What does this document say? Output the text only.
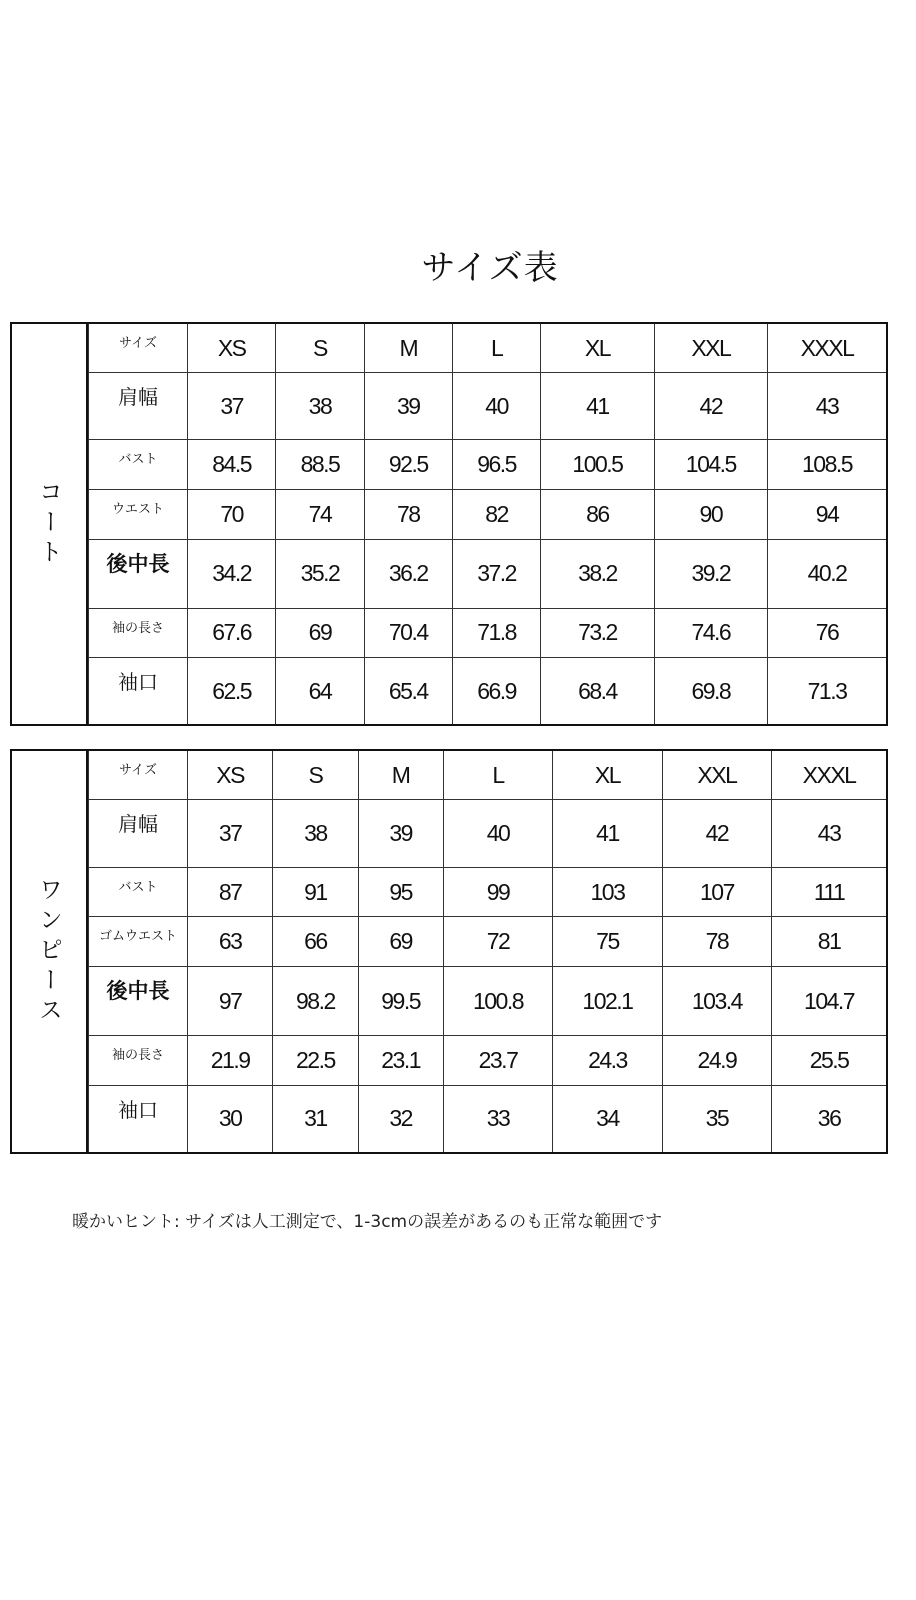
サイズ表
コート
サイズ	XS	S	M	L	XL	XXL	XXXL
肩幅	37	38	39	40	41	42	43
バスト	84.5	88.5	92.5	96.5	100.5	104.5	108.5
ウエスト	70	74	78	82	86	90	94
後中長	34.2	35.2	36.2	37.2	38.2	39.2	40.2
袖の長さ	67.6	69	70.4	71.8	73.2	74.6	76
袖口	62.5	64	65.4	66.9	68.4	69.8	71.3
ワンピース
サイズ	XS	S	M	L	XL	XXL	XXXL
肩幅	37	38	39	40	41	42	43
バスト	87	91	95	99	103	107	111
ゴムウエスト	63	66	69	72	75	78	81
後中長	97	98.2	99.5	100.8	102.1	103.4	104.7
袖の長さ	21.9	22.5	23.1	23.7	24.3	24.9	25.5
袖口	30	31	32	33	34	35	36
暖かいヒント: サイズは人工測定で、1-3cmの誤差があるのも正常な範囲です
